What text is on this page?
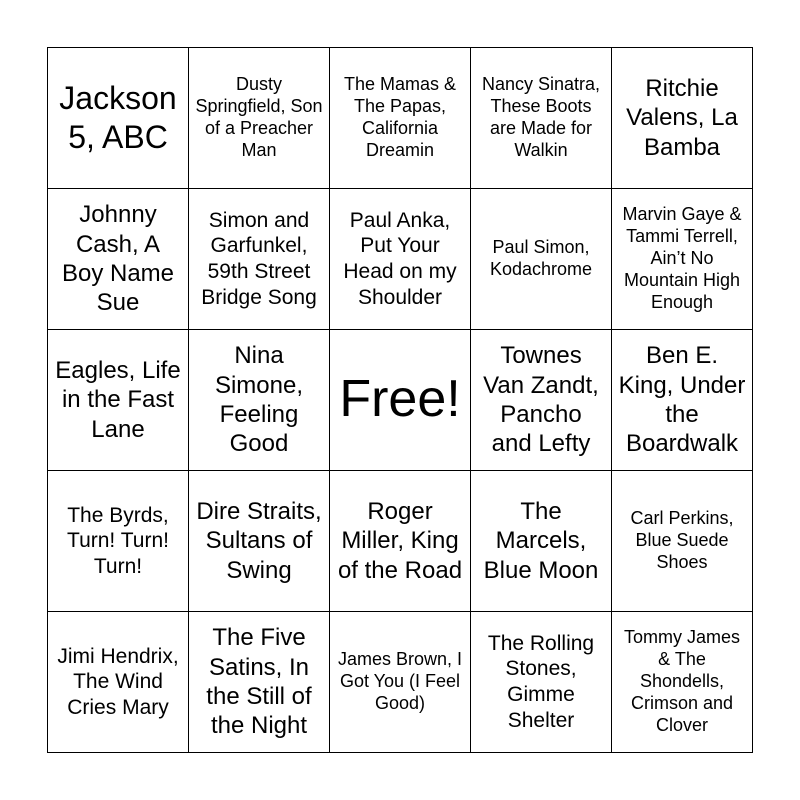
Jackson 5, ABC
Dusty Springfield, Son of a Preacher Man
The Mamas & The Papas, California Dreamin
Nancy Sinatra, These Boots are Made for Walkin
Ritchie Valens, La Bamba
Johnny Cash, A Boy Name Sue
Simon and Garfunkel, 59th Street Bridge Song
Paul Anka, Put Your Head on my Shoulder
Paul Simon, Kodachrome
Marvin Gaye & Tammi Terrell, Ain’t No Mountain High Enough
Eagles, Life in the Fast Lane
Nina Simone, Feeling Good
Free!
Townes Van Zandt, Pancho and Lefty
Ben E. King, Under the Boardwalk
The Byrds, Turn! Turn! Turn!
Dire Straits, Sultans of Swing
Roger Miller, King of the Road
The Marcels, Blue Moon
Carl Perkins, Blue Suede Shoes
Jimi Hendrix, The Wind Cries Mary
The Five Satins, In the Still of the Night
James Brown, I Got You (I Feel Good)
The Rolling Stones, Gimme Shelter
Tommy James & The Shondells, Crimson and Clover
